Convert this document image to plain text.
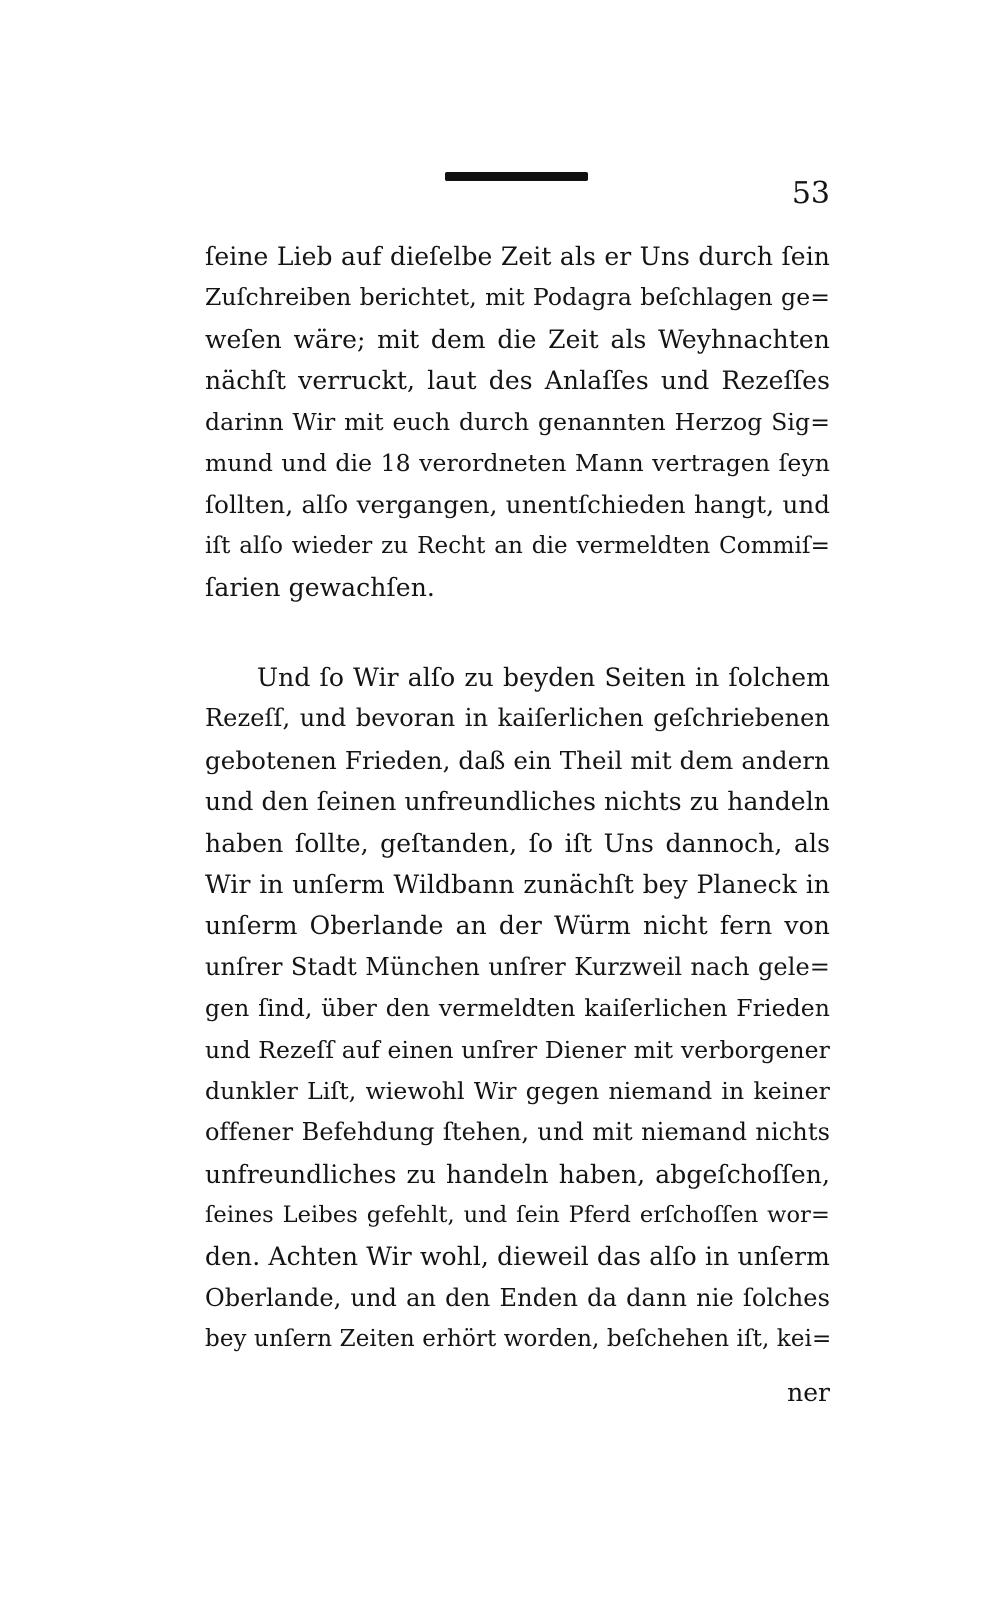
53
ſeine Lieb auf dieſelbe Zeit als er Uns durch ſein
Zuſchreiben berichtet, mit Podagra beſchlagen ge=
weſen wäre; mit dem die Zeit als Weyhnachten
nächſt verruckt, laut des Anlaſſes und Rezeſſes
darinn Wir mit euch durch genannten Herzog Sig=
mund und die 18 verordneten Mann vertragen ſeyn
ſollten, alſo vergangen, unentſchieden hangt, und
iſt alſo wieder zu Recht an die vermeldten Commiſ=
ſarien gewachſen.
Und ſo Wir alſo zu beyden Seiten in ſolchem
Rezeſſ, und bevoran in kaiſerlichen geſchriebenen
gebotenen Frieden, daß ein Theil mit dem andern
und den ſeinen unfreundliches nichts zu handeln
haben ſollte, geſtanden, ſo iſt Uns dannoch, als
Wir in unſerm Wildbann zunächſt bey Planeck in
unſerm Oberlande an der Würm nicht fern von
unſrer Stadt München unſrer Kurzweil nach gele=
gen ſind, über den vermeldten kaiſerlichen Frieden
und Rezeſſ auf einen unſrer Diener mit verborgener
dunkler Liſt, wiewohl Wir gegen niemand in keiner
offener Befehdung ſtehen, und mit niemand nichts
unfreundliches zu handeln haben, abgeſchoſſen,
ſeines Leibes gefehlt, und ſein Pferd erſchoſſen wor=
den. Achten Wir wohl, dieweil das alſo in unſerm
Oberlande, und an den Enden da dann nie ſolches
bey unſern Zeiten erhört worden, beſchehen iſt, kei=
ner
